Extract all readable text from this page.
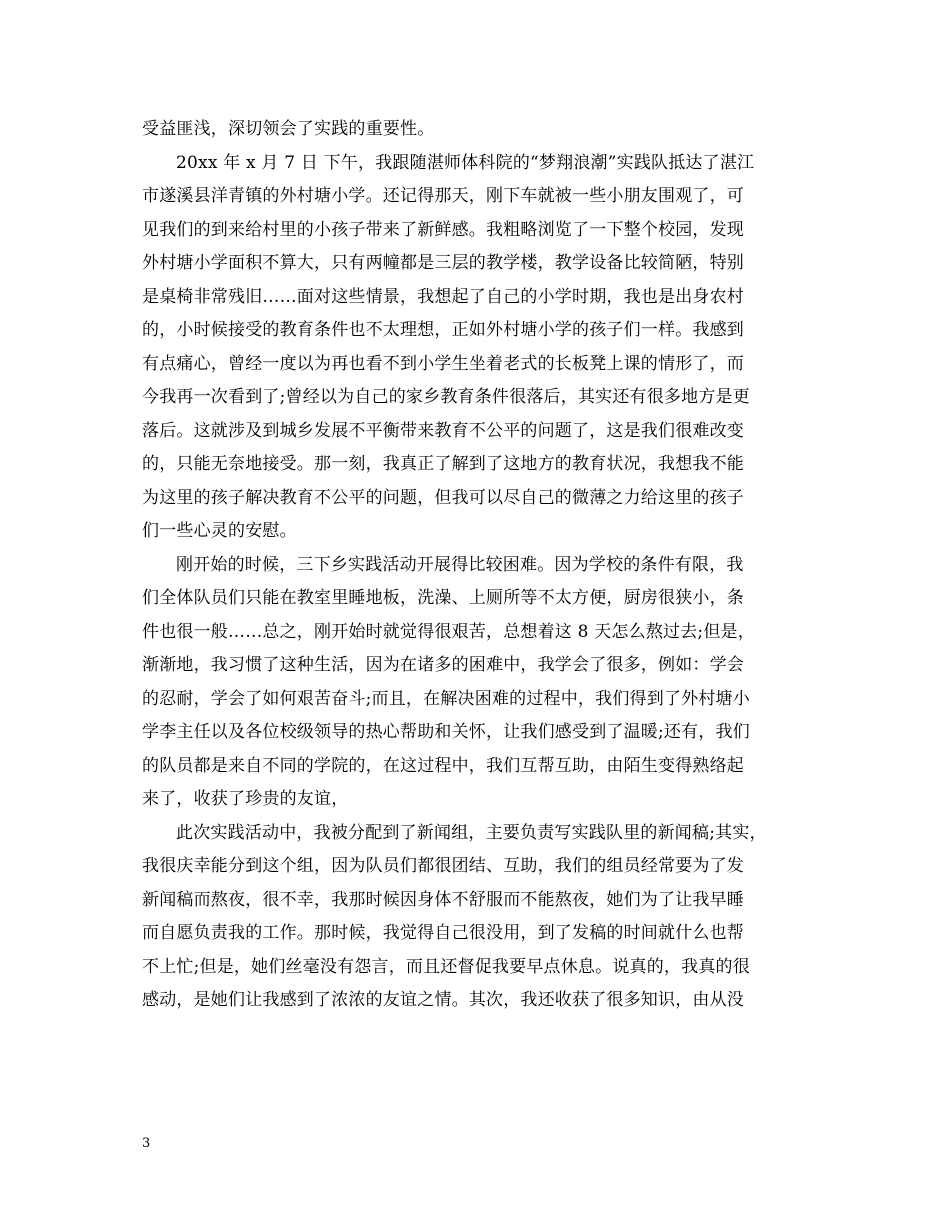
受益匪浅，深切领会了实践的重要性。
20xx 年 x 月 7 日 下午，我跟随湛师体科院的“梦翔浪潮”实践队抵达了湛江
市遂溪县洋青镇的外村塘小学。还记得那天，刚下车就被一些小朋友围观了，可
见我们的到来给村里的小孩子带来了新鲜感。我粗略浏览了一下整个校园，发现
外村塘小学面积不算大，只有两幢都是三层的教学楼，教学设备比较简陋，特别
是桌椅非常残旧……面对这些情景，我想起了自己的小学时期，我也是出身农村
的，小时候接受的教育条件也不太理想，正如外村塘小学的孩子们一样。我感到
有点痛心，曾经一度以为再也看不到小学生坐着老式的长板凳上课的情形了，而
今我再一次看到了;曾经以为自己的家乡教育条件很落后，其实还有很多地方是更
落后。这就涉及到城乡发展不平衡带来教育不公平的问题了，这是我们很难改变
的，只能无奈地接受。那一刻，我真正了解到了这地方的教育状况，我想我不能
为这里的孩子解决教育不公平的问题，但我可以尽自己的微薄之力给这里的孩子
们一些心灵的安慰。
刚开始的时候，三下乡实践活动开展得比较困难。因为学校的条件有限，我
们全体队员们只能在教室里睡地板，洗澡、上厕所等不太方便，厨房很狭小，条
件也很一般……总之，刚开始时就觉得很艰苦，总想着这 8 天怎么熬过去;但是，
渐渐地，我习惯了这种生活，因为在诸多的困难中，我学会了很多，例如：学会
的忍耐，学会了如何艰苦奋斗;而且，在解决困难的过程中，我们得到了外村塘小
学李主任以及各位校级领导的热心帮助和关怀，让我们感受到了温暖;还有，我们
的队员都是来自不同的学院的，在这过程中，我们互帮互助，由陌生变得熟络起
来了，收获了珍贵的友谊，
此次实践活动中，我被分配到了新闻组，主要负责写实践队里的新闻稿;其实，
我很庆幸能分到这个组，因为队员们都很团结、互助，我们的组员经常要为了发
新闻稿而熬夜，很不幸，我那时候因身体不舒服而不能熬夜，她们为了让我早睡
而自愿负责我的工作。那时候，我觉得自己很没用，到了发稿的时间就什么也帮
不上忙;但是，她们丝毫没有怨言，而且还督促我要早点休息。说真的，我真的很
感动，是她们让我感到了浓浓的友谊之情。其次，我还收获了很多知识，由从没
3
